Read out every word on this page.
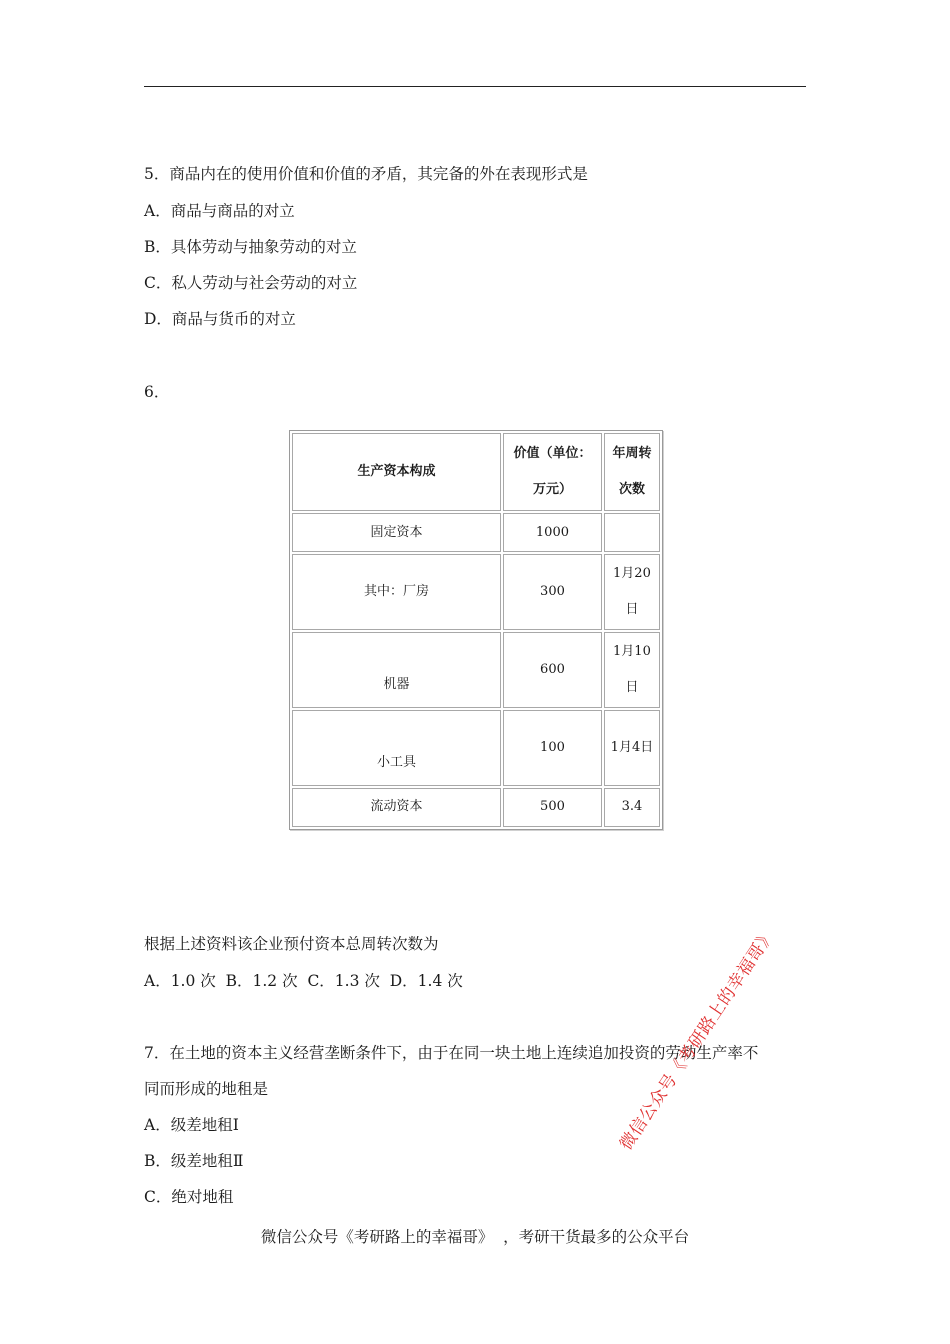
5．商品内在的使用价值和价值的矛盾，其完备的外在表现形式是
A．商品与商品的对立
B．具体劳动与抽象劳动的对立
C．私人劳动与社会劳动的对立
D．商品与货币的对立
6．
生产资本构成	价值（单位：万元）	年周转次数
固定资本	1000	
其中：厂房	300	1月20日
机器	600	1月10日
小工具	100	1月4日
流动资本	500	3.4
根据上述资料该企业预付资本总周转次数为
A．1.0 次  B．1.2 次  C．1.3 次  D．1.4 次
7．在土地的资本主义经营垄断条件下，由于在同一块土地上连续追加投资的劳动生产率不
同而形成的地租是
A．级差地租Ⅰ
B．级差地租Ⅱ
C．绝对地租
微信公众号《考研路上的幸福哥》
微信公众号《考研路上的幸福哥》  ，考研干货最多的公众平台
